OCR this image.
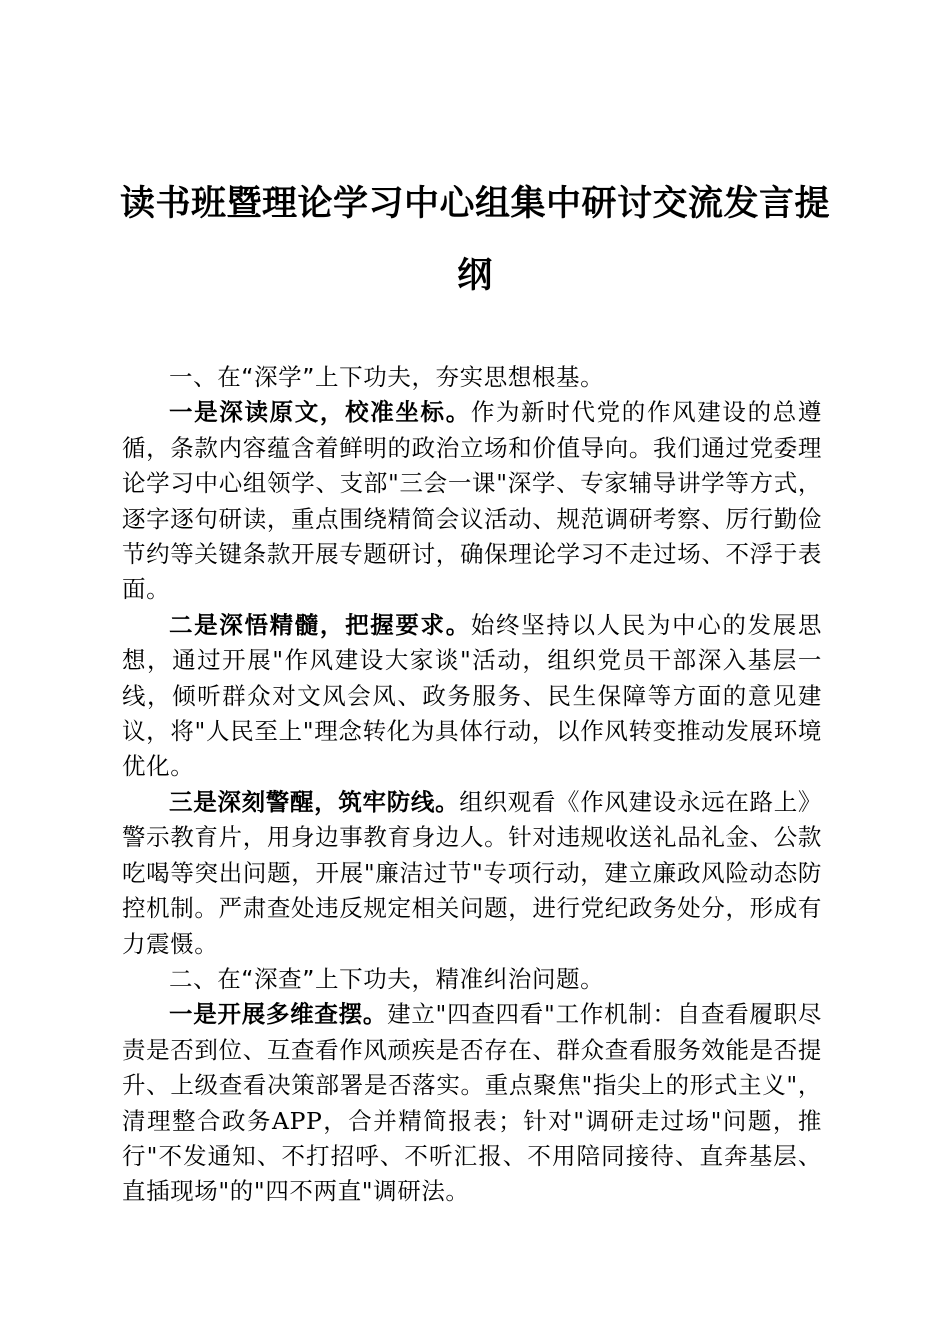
读书班暨理论学习中心组集中研讨交流发言提纲

一、在“深学”上下功夫，夯实思想根基。

一是深读原文，校准坐标。作为新时代党的作风建设的总遵循，条款内容蕴含着鲜明的政治立场和价值导向。我们通过党委理论学习中心组领学、支部"三会一课"深学、专家辅导讲学等方式，逐字逐句研读，重点围绕精简会议活动、规范调研考察、厉行勤俭节约等关键条款开展专题研讨，确保理论学习不走过场、不浮于表面。

二是深悟精髓，把握要求。始终坚持以人民为中心的发展思想，通过开展"作风建设大家谈"活动，组织党员干部深入基层一线，倾听群众对文风会风、政务服务、民生保障等方面的意见建议，将"人民至上"理念转化为具体行动，以作风转变推动发展环境优化。

三是深刻警醒，筑牢防线。组织观看《作风建设永远在路上》警示教育片，用身边事教育身边人。针对违规收送礼品礼金、公款吃喝等突出问题，开展"廉洁过节"专项行动，建立廉政风险动态防控机制。严肃查处违反规定相关问题，进行党纪政务处分，形成有力震慑。

二、在“深查”上下功夫，精准纠治问题。

一是开展多维查摆。建立"四查四看"工作机制：自查看履职尽责是否到位、互查看作风顽疾是否存在、群众查看服务效能是否提升、上级查看决策部署是否落实。重点聚焦"指尖上的形式主义"，清理整合政务APP，合并精简报表；针对"调研走过场"问题，推行"不发通知、不打招呼、不听汇报、不用陪同接待、直奔基层、直插现场"的"四不两直"调研法。
